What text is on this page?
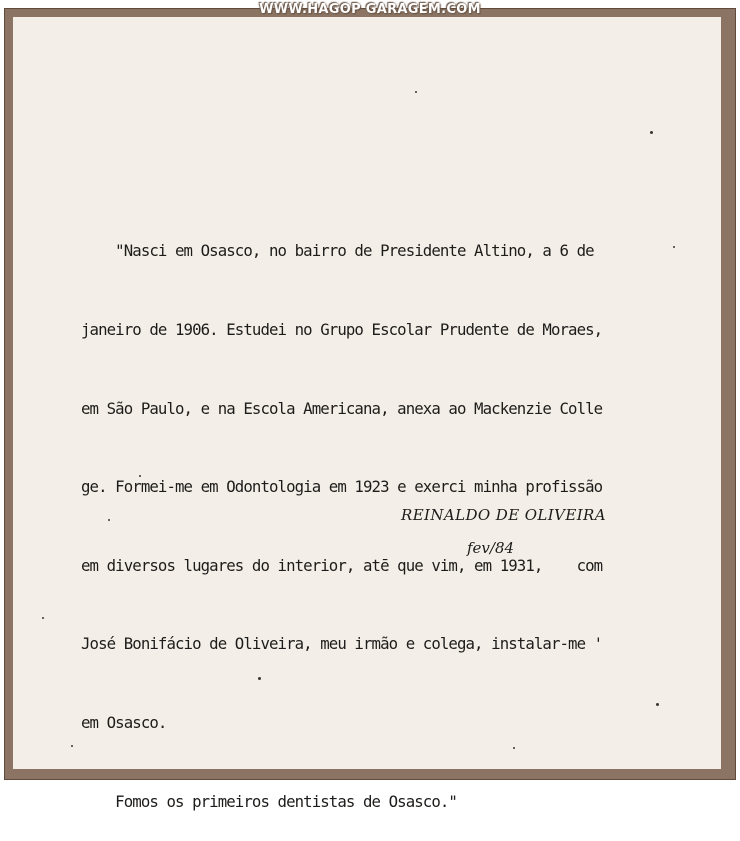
WWW.HAGOP GARAGEM.COM

"Nasci em Osasco, no bairro de Presidente Altino, a 6 de

janeiro de 1906. Estudei no Grupo Escolar Prudente de Moraes,

em São Paulo, e na Escola Americana, anexa ao Mackenzie Colle

ge. Formei-me em Odontologia em 1923 e exerci minha profissão

em diversos lugares do interior, atē que vim, em 1931,    com

José Bonifácio de Oliveira, meu irmão e colega, instalar-me '

em Osasco.

Fomos os primeiros dentistas de Osasco."

REINALDO DE OLIVEIRA
fev/84
